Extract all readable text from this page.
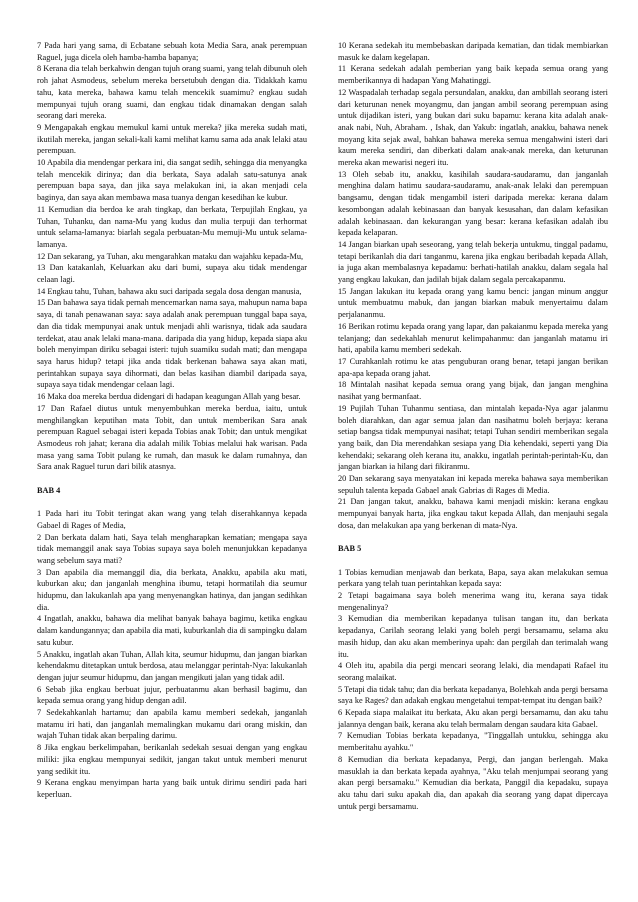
7 Pada hari yang sama, di Ecbatane sebuah kota Media Sara, anak perempuan Raguel, juga dicela oleh hamba-hamba bapanya;

8 Kerana dia telah berkahwin dengan tujuh orang suami, yang telah dibunuh oleh roh jahat Asmodeus, sebelum mereka bersetubuh dengan dia. Tidakkah kamu tahu, kata mereka, bahawa kamu telah mencekik suamimu? engkau sudah mempunyai tujuh orang suami, dan engkau tidak dinamakan dengan salah seorang dari mereka.

9 Mengapakah engkau memukul kami untuk mereka? jika mereka sudah mati, ikutilah mereka, jangan sekali-kali kami melihat kamu sama ada anak lelaki atau perempuan.

10 Apabila dia mendengar perkara ini, dia sangat sedih, sehingga dia menyangka telah mencekik dirinya; dan dia berkata, Saya adalah satu-satunya anak perempuan bapa saya, dan jika saya melakukan ini, ia akan menjadi cela baginya, dan saya akan membawa masa tuanya dengan kesedihan ke kubur.

11 Kemudian dia berdoa ke arah tingkap, dan berkata, Terpujilah Engkau, ya Tuhan, Tuhanku, dan nama-Mu yang kudus dan mulia terpuji dan terhormat untuk selama-lamanya: biarlah segala perbuatan-Mu memuji-Mu untuk selama-lamanya.

12 Dan sekarang, ya Tuhan, aku mengarahkan mataku dan wajahku kepada-Mu,

13 Dan katakanlah, Keluarkan aku dari bumi, supaya aku tidak mendengar celaan lagi.

14 Engkau tahu, Tuhan, bahawa aku suci daripada segala dosa dengan manusia,

15 Dan bahawa saya tidak pernah mencemarkan nama saya, mahupun nama bapa saya, di tanah penawanan saya: saya adalah anak perempuan tunggal bapa saya, dan dia tidak mempunyai anak untuk menjadi ahli warisnya, tidak ada saudara terdekat, atau anak lelaki mana-mana. daripada dia yang hidup, kepada siapa aku boleh menyimpan diriku sebagai isteri: tujuh suamiku sudah mati; dan mengapa saya harus hidup? tetapi jika anda tidak berkenan bahawa saya akan mati, perintahkan supaya saya dihormati, dan belas kasihan diambil daripada saya, supaya saya tidak mendengar celaan lagi.

16 Maka doa mereka berdua didengari di hadapan keagungan Allah yang besar.

17 Dan Rafael diutus untuk menyembuhkan mereka berdua, iaitu, untuk menghilangkan keputihan mata Tobit, dan untuk memberikan Sara anak perempuan Raguel sebagai isteri kepada Tobias anak Tobit; dan untuk mengikat Asmodeus roh jahat; kerana dia adalah milik Tobias melalui hak warisan. Pada masa yang sama Tobit pulang ke rumah, dan masuk ke dalam rumahnya, dan Sara anak Raguel turun dari bilik atasnya.

BAB 4

1 Pada hari itu Tobit teringat akan wang yang telah diserahkannya kepada Gabael di Rages of Media,

2 Dan berkata dalam hati, Saya telah mengharapkan kematian; mengapa saya tidak memanggil anak saya Tobias supaya saya boleh menunjukkan kepadanya wang sebelum saya mati?

3 Dan apabila dia memanggil dia, dia berkata, Anakku, apabila aku mati, kuburkan aku; dan janganlah menghina ibumu, tetapi hormatilah dia seumur hidupmu, dan lakukanlah apa yang menyenangkan hatinya, dan jangan sedihkan dia.

4 Ingatlah, anakku, bahawa dia melihat banyak bahaya bagimu, ketika engkau dalam kandungannya; dan apabila dia mati, kuburkanlah dia di sampingku dalam satu kubur.

5 Anakku, ingatlah akan Tuhan, Allah kita, seumur hidupmu, dan jangan biarkan kehendakmu ditetapkan untuk berdosa, atau melanggar perintah-Nya: lakukanlah dengan jujur seumur hidupmu, dan jangan mengikuti jalan yang tidak adil.

6 Sebab jika engkau berbuat jujur, perbuatanmu akan berhasil bagimu, dan kepada semua orang yang hidup dengan adil.

7 Sedekahkanlah hartamu; dan apabila kamu memberi sedekah, janganlah matamu iri hati, dan janganlah memalingkan mukamu dari orang miskin, dan wajah Tuhan tidak akan berpaling darimu.

8 Jika engkau berkelimpahan, berikanlah sedekah sesuai dengan yang engkau miliki: jika engkau mempunyai sedikit, jangan takut untuk memberi menurut yang sedikit itu.

9 Kerana engkau menyimpan harta yang baik untuk dirimu sendiri pada hari keperluan.

10 Kerana sedekah itu membebaskan daripada kematian, dan tidak membiarkan masuk ke dalam kegelapan.

11 Kerana sedekah adalah pemberian yang baik kepada semua orang yang memberikannya di hadapan Yang Mahatinggi.

12 Waspadalah terhadap segala persundalan, anakku, dan ambillah seorang isteri dari keturunan nenek moyangmu, dan jangan ambil seorang perempuan asing untuk dijadikan isteri, yang bukan dari suku bapamu: kerana kita adalah anak-anak nabi, Nuh, Abraham. , Ishak, dan Yakub: ingatlah, anakku, bahawa nenek moyang kita sejak awal, bahkan bahawa mereka semua mengahwini isteri dari kaum mereka sendiri, dan diberkati dalam anak-anak mereka, dan keturunan mereka akan mewarisi negeri itu.

13 Oleh sebab itu, anakku, kasihilah saudara-saudaramu, dan janganlah menghina dalam hatimu saudara-saudaramu, anak-anak lelaki dan perempuan bangsamu, dengan tidak mengambil isteri daripada mereka: kerana dalam kesombongan adalah kebinasaan dan banyak kesusahan, dan dalam kefasikan adalah kebinasaan. dan kekurangan yang besar: kerana kefasikan adalah ibu kepada kelaparan.

14 Jangan biarkan upah seseorang, yang telah bekerja untukmu, tinggal padamu, tetapi berikanlah dia dari tanganmu, karena jika engkau beribadah kepada Allah, ia juga akan membalasnya kepadamu: berhati-hatilah anakku, dalam segala hal yang engkau lakukan, dan jadilah bijak dalam segala percakapanmu.

15 Jangan lakukan itu kepada orang yang kamu benci: jangan minum anggur untuk membuatmu mabuk, dan jangan biarkan mabuk menyertaimu dalam perjalananmu.

16 Berikan rotimu kepada orang yang lapar, dan pakaianmu kepada mereka yang telanjang; dan sedekahlah menurut kelimpahanmu: dan janganlah matamu iri hati, apabila kamu memberi sedekah.

17 Curahkanlah rotimu ke atas penguburan orang benar, tetapi jangan berikan apa-apa kepada orang jahat.

18 Mintalah nasihat kepada semua orang yang bijak, dan jangan menghina nasihat yang bermanfaat.

19 Pujilah Tuhan Tuhanmu sentiasa, dan mintalah kepada-Nya agar jalanmu boleh diarahkan, dan agar semua jalan dan nasihatmu boleh berjaya: kerana setiap bangsa tidak mempunyai nasihat; tetapi Tuhan sendiri memberikan segala yang baik, dan Dia merendahkan sesiapa yang Dia kehendaki, seperti yang Dia kehendaki; sekarang oleh kerana itu, anakku, ingatlah perintah-perintah-Ku, dan jangan biarkan ia hilang dari fikiranmu.

20 Dan sekarang saya menyatakan ini kepada mereka bahawa saya memberikan sepuluh talenta kepada Gabael anak Gabrias di Rages di Media.

21 Dan jangan takut, anakku, bahawa kami menjadi miskin: kerana engkau mempunyai banyak harta, jika engkau takut kepada Allah, dan menjauhi segala dosa, dan melakukan apa yang berkenan di mata-Nya.

BAB 5

1 Tobias kemudian menjawab dan berkata, Bapa, saya akan melakukan semua perkara yang telah tuan perintahkan kepada saya:

2 Tetapi bagaimana saya boleh menerima wang itu, kerana saya tidak mengenalinya?

3 Kemudian dia memberikan kepadanya tulisan tangan itu, dan berkata kepadanya, Carilah seorang lelaki yang boleh pergi bersamamu, selama aku masih hidup, dan aku akan memberinya upah: dan pergilah dan terimalah wang itu.

4 Oleh itu, apabila dia pergi mencari seorang lelaki, dia mendapati Rafael itu seorang malaikat.

5 Tetapi dia tidak tahu; dan dia berkata kepadanya, Bolehkah anda pergi bersama saya ke Rages? dan adakah engkau mengetahui tempat-tempat itu dengan baik?

6 Kepada siapa malaikat itu berkata, Aku akan pergi bersamamu, dan aku tahu jalannya dengan baik, kerana aku telah bermalam dengan saudara kita Gabael.

7 Kemudian Tobias berkata kepadanya, "Tinggallah untukku, sehingga aku memberitahu ayahku."

8 Kemudian dia berkata kepadanya, Pergi, dan jangan berlengah. Maka masuklah ia dan berkata kepada ayahnya, "Aku telah menjumpai seorang yang akan pergi bersamaku." Kemudian dia berkata, Panggil dia kepadaku, supaya aku tahu dari suku apakah dia, dan apakah dia seorang yang dapat dipercaya untuk pergi bersamamu.
